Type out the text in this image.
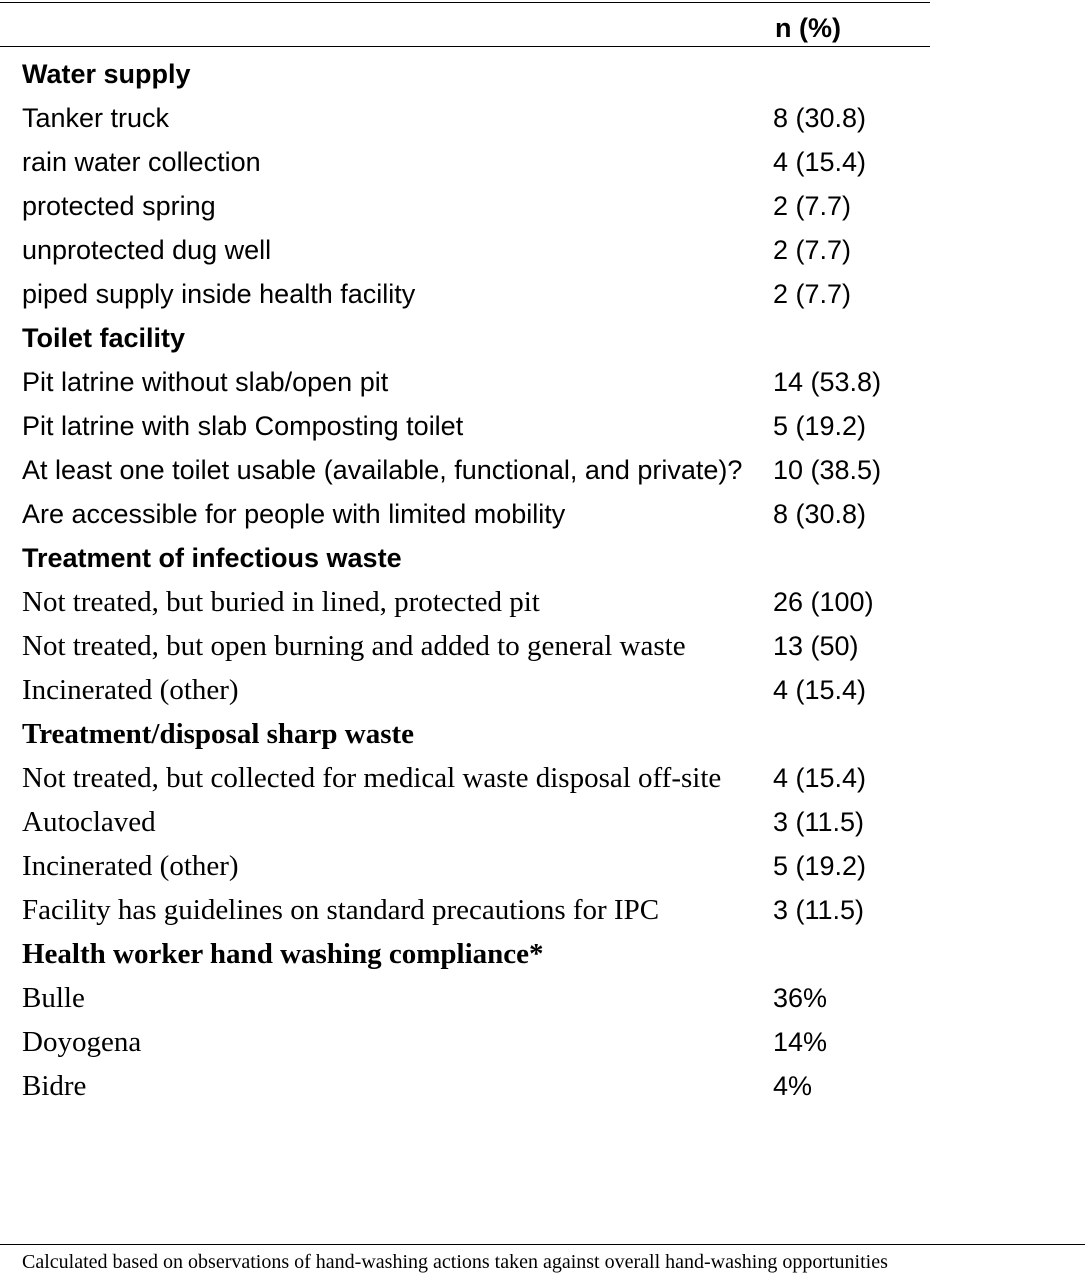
n (%)
Water supply
Tanker truck	8 (30.8)
rain water collection	4 (15.4)
protected spring	2 (7.7)
unprotected dug well	2 (7.7)
piped supply inside health facility	2 (7.7)
Toilet facility
Pit latrine without slab/open pit	14 (53.8)
Pit latrine with slab Composting toilet	5 (19.2)
At least one toilet usable (available, functional, and private)?	10 (38.5)
Are accessible for people with limited mobility	8 (30.8)
Treatment of infectious waste
Not treated, but buried in lined, protected pit	26 (100)
Not treated, but open burning and added to general waste	13 (50)
Incinerated (other)	4 (15.4)
Treatment/disposal sharp waste
Not treated, but collected for medical waste disposal off-site	4 (15.4)
Autoclaved	3 (11.5)
Incinerated (other)	5 (19.2)
Facility has guidelines on standard precautions for IPC	3 (11.5)
Health worker hand washing compliance*
Bulle	36%
Doyogena	14%
Bidre	4%
Calculated based on observations of hand-washing actions taken against overall hand-washing opportunities
